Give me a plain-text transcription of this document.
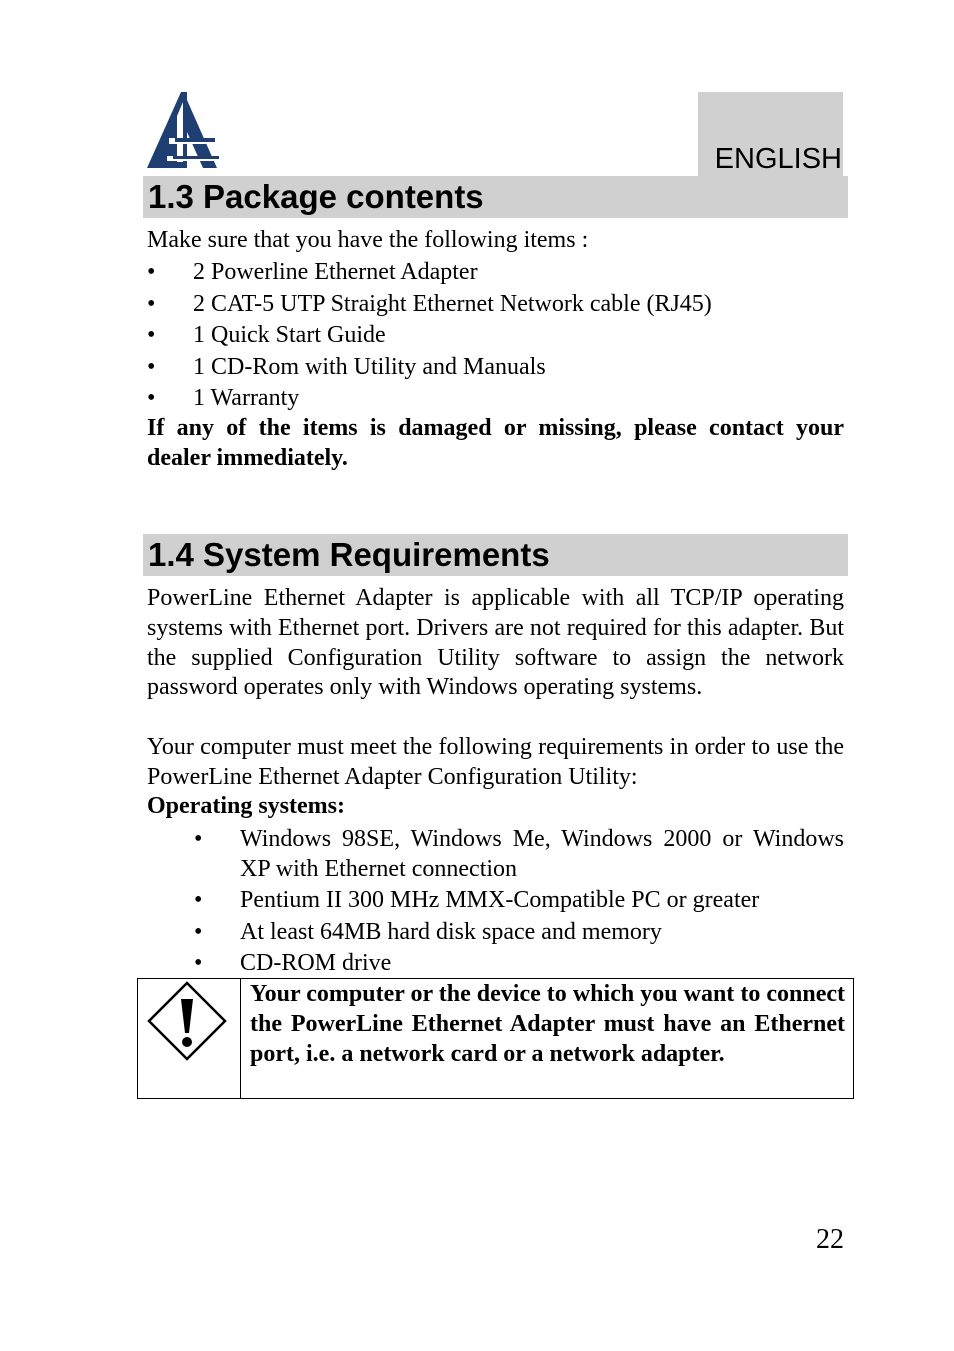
ENGLISH
1.3 Package contents

Make sure that you have the following items :

• 2 Powerline Ethernet Adapter
• 2 CAT-5 UTP Straight Ethernet Network cable (RJ45)
• 1 Quick Start Guide
• 1 CD-Rom with Utility and Manuals
• 1 Warranty

If any of the items is damaged or missing, please contact your dealer immediately.

1.4 System Requirements

PowerLine Ethernet Adapter is applicable with all TCP/IP operating systems with Ethernet port. Drivers are not required for this adapter. But the supplied Configuration Utility software to assign the network password operates only with Windows operating systems.

Your computer must meet the following requirements in order to use the PowerLine Ethernet Adapter Configuration Utility:

Operating systems:

• Windows 98SE, Windows Me, Windows 2000 or Windows XP with Ethernet connection
• Pentium II 300 MHz MMX-Compatible PC or greater
• At least 64MB hard disk space and memory
• CD-ROM drive

Your computer or the device to which you want to connect the PowerLine Ethernet Adapter must have an Ethernet port, i.e. a network card or a network adapter.

22
